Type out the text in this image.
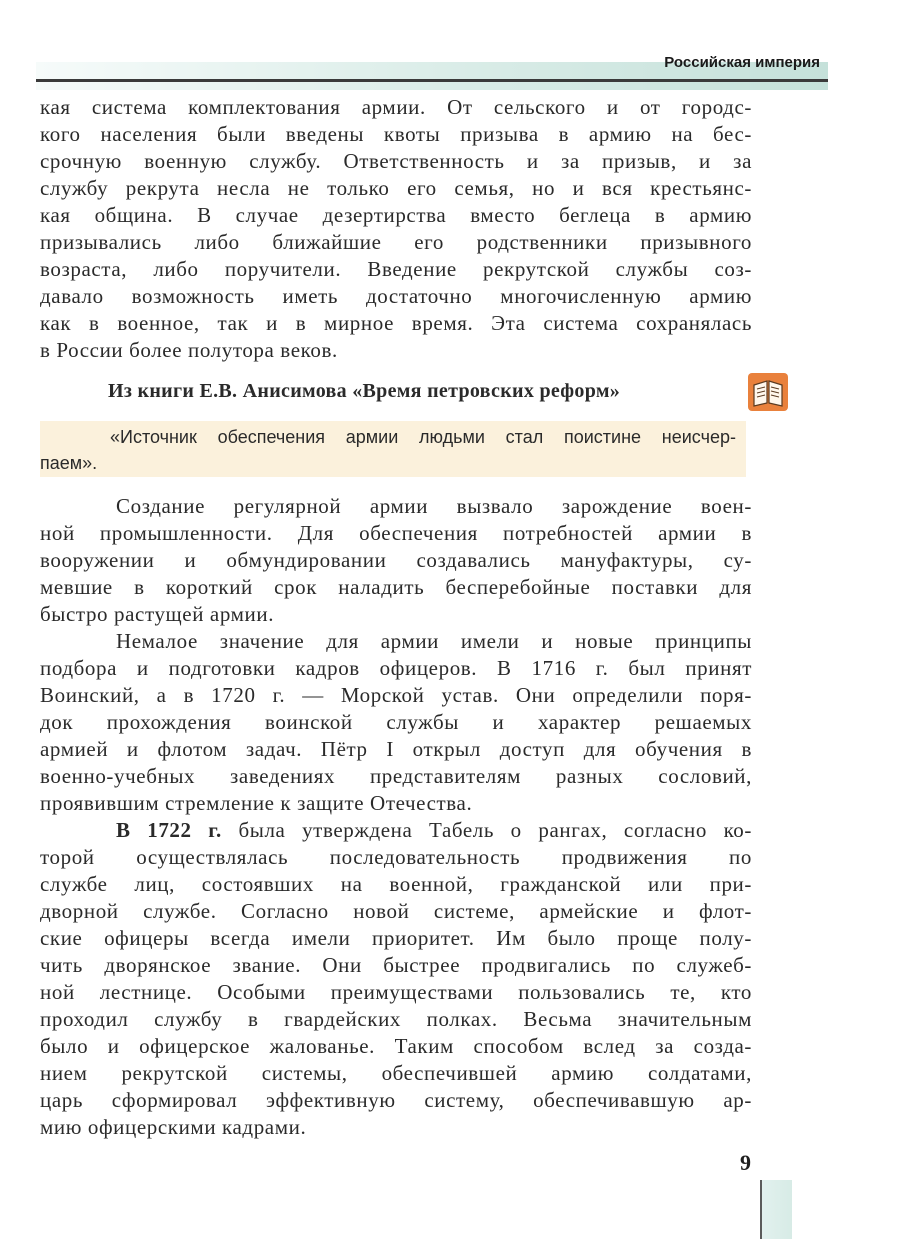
Российская империя

кая система комплектования армии. От сельского и от городс-

кого населения были введены квоты призыва в армию на бес-

срочную военную службу. Ответственность и за призыв, и за

службу рекрута несла не только его семья, но и вся крестьянс-

кая община. В случае дезертирства вместо беглеца в армию

призывались либо ближайшие его родственники призывного

возраста, либо поручители. Введение рекрутской службы соз-

давало возможность иметь достаточно многочисленную армию

как в военное, так и в мирное время. Эта система сохранялась

в России более полутора веков.

Из книги Е.В. Анисимова «Время петровских реформ»

«Источник обеспечения армии людьми стал поистине неисчер-

паем».

Создание регулярной армии вызвало зарождение воен-

ной промышленности. Для обеспечения потребностей армии в

вооружении и обмундировании создавались мануфактуры, су-

мевшие в короткий срок наладить бесперебойные поставки для

быстро растущей армии.

Немалое значение для армии имели и новые принципы

подбора и подготовки кадров офицеров. В 1716 г. был принят

Воинский, а в 1720 г. — Морской устав. Они определили поря-

док прохождения воинской службы и характер решаемых

армией и флотом задач. Пётр I открыл доступ для обучения в

военно-учебных заведениях представителям разных сословий,

проявившим стремление к защите Отечества.

В 1722 г. была утверждена Табель о рангах, согласно ко-

торой осуществлялась последовательность продвижения по

службе лиц, состоявших на военной, гражданской или при-

дворной службе. Согласно новой системе, армейские и флот-

ские офицеры всегда имели приоритет. Им было проще полу-

чить дворянское звание. Они быстрее продвигались по служеб-

ной лестнице. Особыми преимуществами пользовались те, кто

проходил службу в гвардейских полках. Весьма значительным

было и офицерское жалованье. Таким способом вслед за созда-

нием рекрутской системы, обеспечившей армию солдатами,

царь сформировал эффективную систему, обеспечивавшую ар-

мию офицерскими кадрами.

9
